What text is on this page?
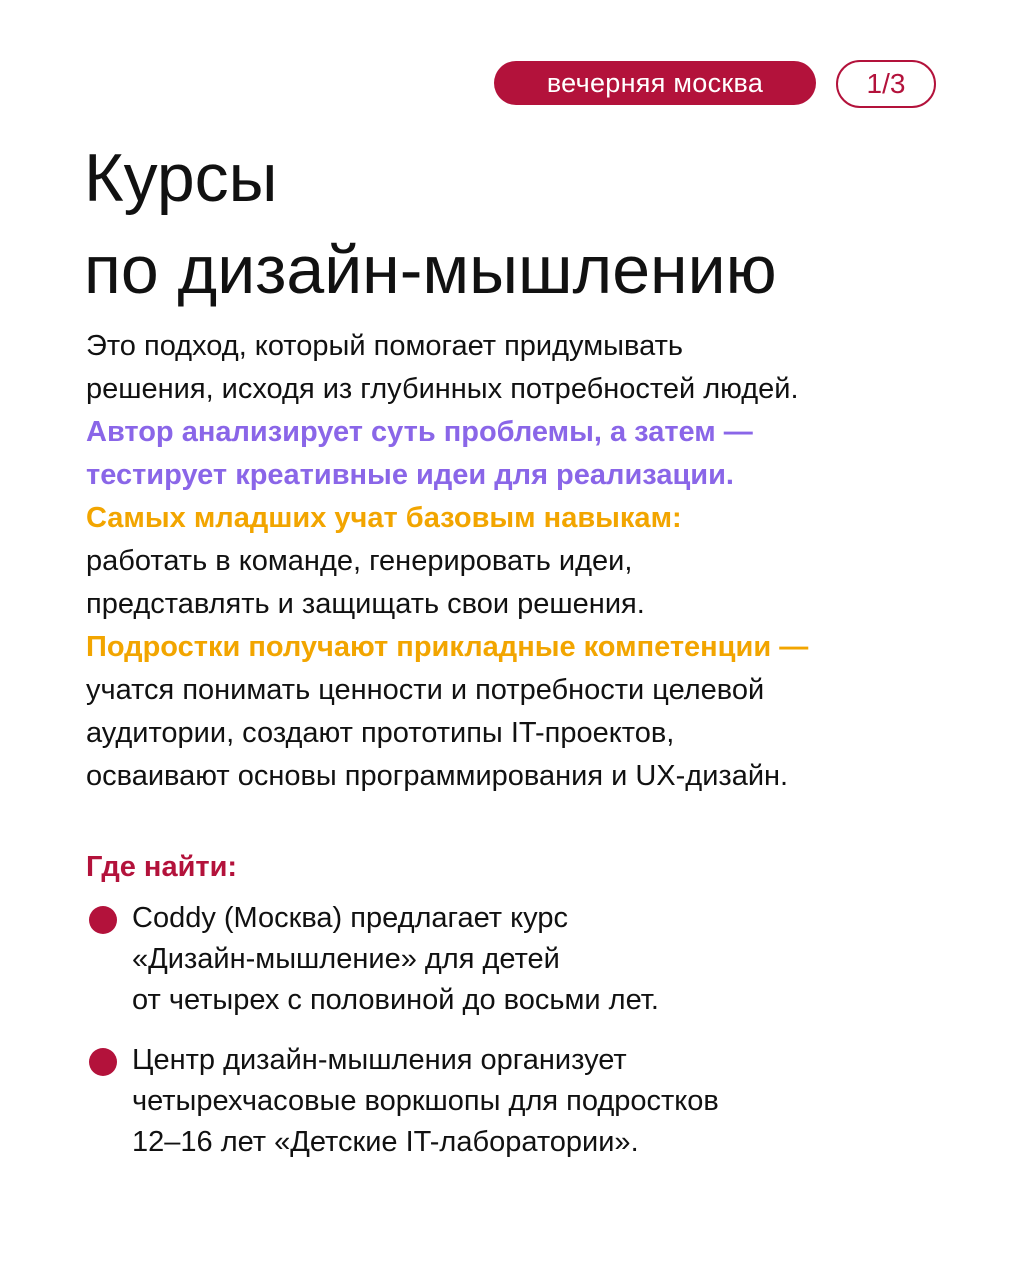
вечерняя москва	1/3
Курсы
по дизайн-мышлению
Это подход, который помогает придумывать
решения, исходя из глубинных потребностей людей.
Автор анализирует суть проблемы, а затем —
тестирует креативные идеи для реализации.
Самых младших учат базовым навыкам:
работать в команде, генерировать идеи,
представлять и защищать свои решения.
Подростки получают прикладные компетенции —
учатся понимать ценности и потребности целевой
аудитории, создают прототипы IT-проектов,
осваивают основы программирования и UX-дизайн.
Где найти:
Coddy (Москва) предлагает курс
«Дизайн-мышление» для детей
от четырех с половиной до восьми лет.
Центр дизайн-мышления организует
четырехчасовые воркшопы для подростков
12–16 лет «Детские IT-лаборатории».
